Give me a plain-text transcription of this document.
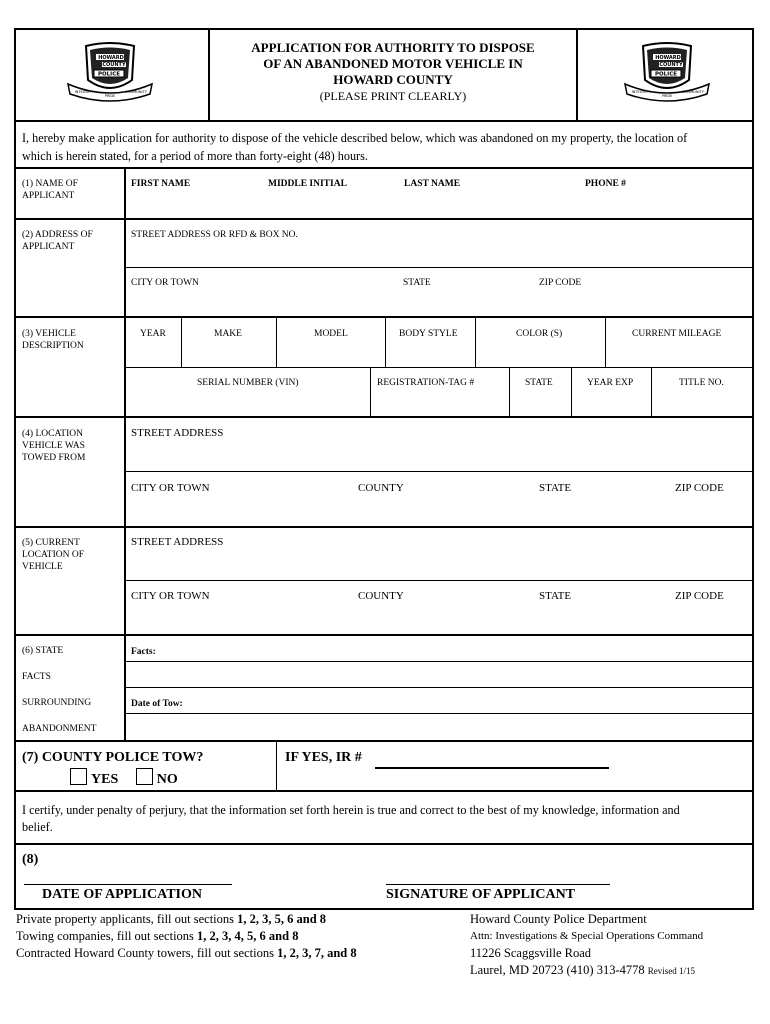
HOWARD
COUNTY
POLICE
INTEGRITY
PRIDE
COMMUNITY
HOWARD
COUNTY
POLICE
INTEGRITY
PRIDE
COMMUNITY
APPLICATION FOR AUTHORITY TO DISPOSE
OF AN ABANDONED MOTOR VEHICLE IN
HOWARD COUNTY
(PLEASE PRINT CLEARLY)
I, hereby make application for authority to dispose of the vehicle described below, which was abandoned on my property, the location of
which is herein stated, for a period of more than forty-eight (48) hours.
(1) NAME OF
APPLICANT
FIRST NAME	MIDDLE INITIAL	LAST NAME	PHONE #
(2) ADDRESS OF
APPLICANT
STREET ADDRESS OR RFD & BOX NO.
CITY OR TOWN	STATE	ZIP CODE
(3) VEHICLE
DESCRIPTION
YEAR	MAKE	MODEL	BODY STYLE	COLOR (S)	CURRENT MILEAGE
SERIAL NUMBER (VIN)	REGISTRATION-TAG #	STATE	YEAR EXP	TITLE NO.
(4) LOCATION
VEHICLE WAS
TOWED FROM
STREET ADDRESS
CITY OR TOWN	COUNTY	STATE	ZIP CODE
(5) CURRENT
LOCATION OF
VEHICLE
STREET ADDRESS
CITY OR TOWN	COUNTY	STATE	ZIP CODE
(6) STATE
FACTS
SURROUNDING
ABANDONMENT
Facts:
Date of Tow:
(7) COUNTY POLICE TOW?
YES	NO
IF YES, IR #
I certify, under penalty of perjury, that the information set forth herein is true and correct to the best of my knowledge, information and
belief.
(8)
DATE OF APPLICATION	SIGNATURE OF APPLICANT
Private property applicants, fill out sections 1, 2, 3, 5, 6 and 8
Towing companies, fill out sections 1, 2, 3, 4, 5, 6 and 8
Contracted Howard County towers, fill out sections 1, 2, 3, 7, and 8
Howard County Police Department
Attn: Investigations & Special Operations Command
11226 Scaggsville Road
Laurel, MD 20723 (410) 313-4778 Revised 1/15
